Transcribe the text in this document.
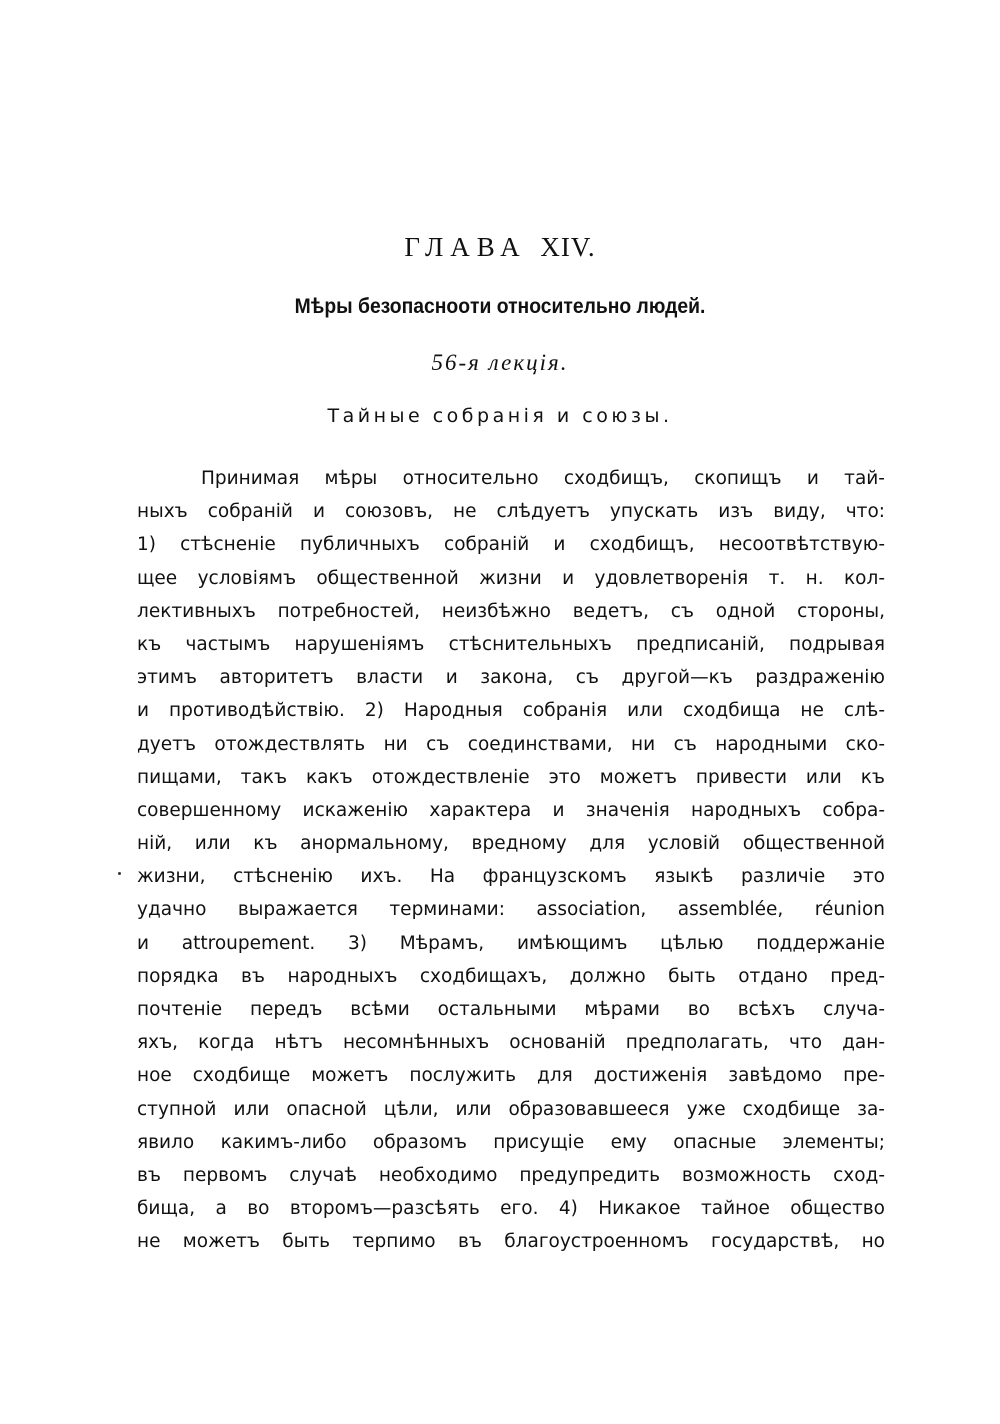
ГЛАВА XIV.
Мѣры безопасноoти относительно людей.
56-я лекція.
Тайные собранія и союзы.
Принимая мѣры относительно сходбищъ, скопищъ и тай-
ныхъ собраній и союзовъ, не слѣдуетъ упускать изъ виду, что:
1) стѣсненіе публичныхъ собраній и сходбищъ, несоотвѣтствую-
щее условіямъ общественной жизни и удовлетворенія т. н. кол-
лективныхъ потребностей, неизбѣжно ведетъ, съ одной стороны,
къ частымъ нарушеніямъ стѣснительныхъ предписаній, подрывая
этимъ авторитетъ власти и закона, съ другой—къ раздраженію
и противодѣйствію. 2) Народныя собранія или сходбища не слѣ-
дуетъ отождествлять ни съ соединствами, ни съ народными ско-
пищами, такъ какъ отождествленіе это можетъ привести или къ
совершенному искаженію характера и значенія народныхъ собра-
ній, или къ анормальному, вредному для условій общественной
жизни, стѣсненію ихъ. На французскомъ языкѣ различіе это
удачно выражается терминами: association, assemblée, réunion
и attroupement. 3) Мѣрамъ, имѣющимъ цѣлью поддержаніе
порядка въ народныхъ сходбищахъ, должно быть отдано пред-
почтеніе передъ всѣми остальными мѣрами во всѣхъ случа-
яхъ, когда нѣтъ несомнѣнныхъ основаній предполагать, что дан-
ное сходбище можетъ послужить для достиженія завѣдомо пре-
ступной или опасной цѣли, или образовавшееся уже сходбище за-
явило какимъ-либо образомъ присущіе ему опасные элементы;
въ первомъ случаѣ необходимо предупредить возможность сход-
бища, а во второмъ—разсѣять его. 4) Никакое тайное общество
не можетъ быть терпимо въ благоустроенномъ государствѣ, но
